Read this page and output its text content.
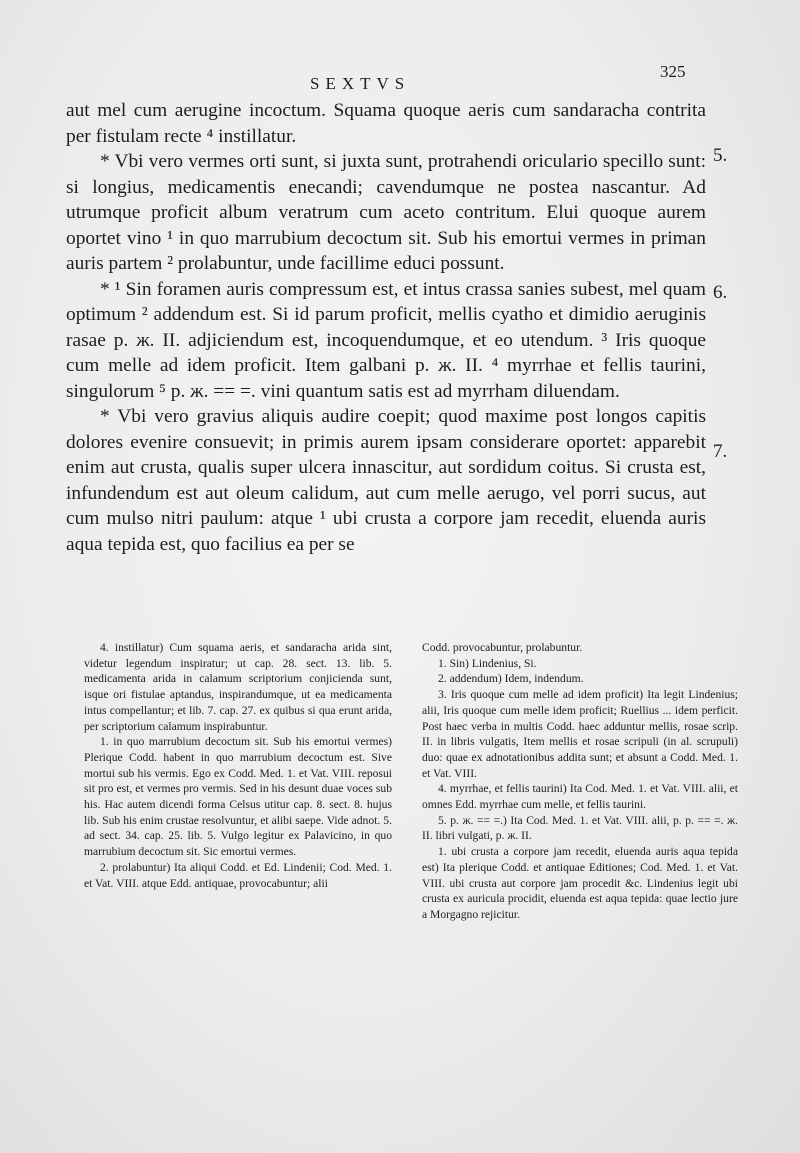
SEXTVS
325

aut mel cum aerugine incoctum. Squama quoque aeris cum sandaracha contrita per fistulam recte ⁴ instillatur.

* Vbi vero vermes orti sunt, si juxta sunt, protrahendi oriculario specillo sunt: si longius, medicamentis enecandi; cavendumque ne postea nascantur. Ad utrumque proficit album veratrum cum aceto contritum. Elui quoque aurem oportet vino ¹ in quo marrubium decoctum sit. Sub his emortui vermes in priman auris partem ² prolabuntur, unde facillime educi possunt.

* ¹ Sin foramen auris compressum est, et intus crassa sanies subest, mel quam optimum ² addendum est. Si id parum proficit, mellis cyatho et dimidio aeruginis rasae p. ж. II. adjiciendum est, incoquendumque, et eo utendum. ³ Iris quoque cum melle ad idem proficit. Item galbani p. ж. II. ⁴ myrrhae et fellis taurini, singulorum ⁵ p. ж. == =. vini quantum satis est ad myrrham diluendam.

* Vbi vero gravius aliquis audire coepit; quod maxime post longos capitis dolores evenire consuevit; in primis aurem ipsam considerare oportet: apparebit enim aut crusta, qualis super ulcera innascitur, aut sordidum coitus. Si crusta est, infundendum est aut oleum calidum, aut cum melle aerugo, vel porri sucus, aut cum mulso nitri paulum: atque ¹ ubi crusta a corpore jam recedit, eluenda auris aqua tepida est, quo facilius ea per se

5.
6.
7.

4. instillatur) Cum squama aeris, et sandaracha arida sint, videtur legendum inspiratur; ut cap. 28. sect. 13. lib. 5. medicamenta arida in calamum scriptorium conjicienda sunt, isque ori fistulae aptandus, inspirandumque, ut ea medicamenta intus compellantur; et lib. 7. cap. 27. ex quibus si qua erunt arida, per scriptorium calamum inspirabuntur.

1. in quo marrubium decoctum sit. Sub his emortui vermes) Plerique Codd. habent in quo marrubium decoctum est. Sive mortui sub his vermis. Ego ex Codd. Med. 1. et Vat. VIII. reposui sit pro est, et vermes pro vermis. Sed in his desunt duae voces sub his. Hac autem dicendi forma Celsus utitur cap. 8. sect. 8. hujus lib. Sub his enim crustae resolvuntur, et alibi saepe. Vide adnot. 5. ad sect. 34. cap. 25. lib. 5. Vulgo legitur ex Palavicino, in quo marrubium decoctum sit. Sic emortui vermes.

2. prolabuntur) Ita aliqui Codd. et Ed. Lindenii; Cod. Med. 1. et Vat. VIII. atque Edd. antiquae, provocabuntur; alii

Codd. provocabuntur, prolabuntur.

1. Sin) Lindenius, Si.

2. addendum) Idem, indendum.

3. Iris quoque cum melle ad idem proficit) Ita legit Lindenius; alii, Iris quoque cum melle idem proficit; Ruellius ... idem perficit. Post haec verba in multis Codd. haec adduntur mellis, rosae scrip. II. in libris vulgatis, Item mellis et rosae scripuli (in al. scrupuli) duo: quae ex adnotationibus addita sunt; et absunt a Codd. Med. 1. et Vat. VIII.

4. myrrhae, et fellis taurini) Ita Cod. Med. 1. et Vat. VIII. alii, et omnes Edd. myrrhae cum melle, et fellis taurini.

5. p. ж. == =.) Ita Cod. Med. 1. et Vat. VIII. alii, p. p. == =. ж. II. libri vulgati, p. ж. II.

1. ubi crusta a corpore jam recedit, eluenda auris aqua tepida est) Ita plerique Codd. et antiquae Editiones; Cod. Med. 1. et Vat. VIII. ubi crusta aut corpore jam procedit &c. Lindenius legit ubi crusta ex auricula procidit, eluenda est aqua tepida: quae lectio jure a Morgagno rejicitur.
